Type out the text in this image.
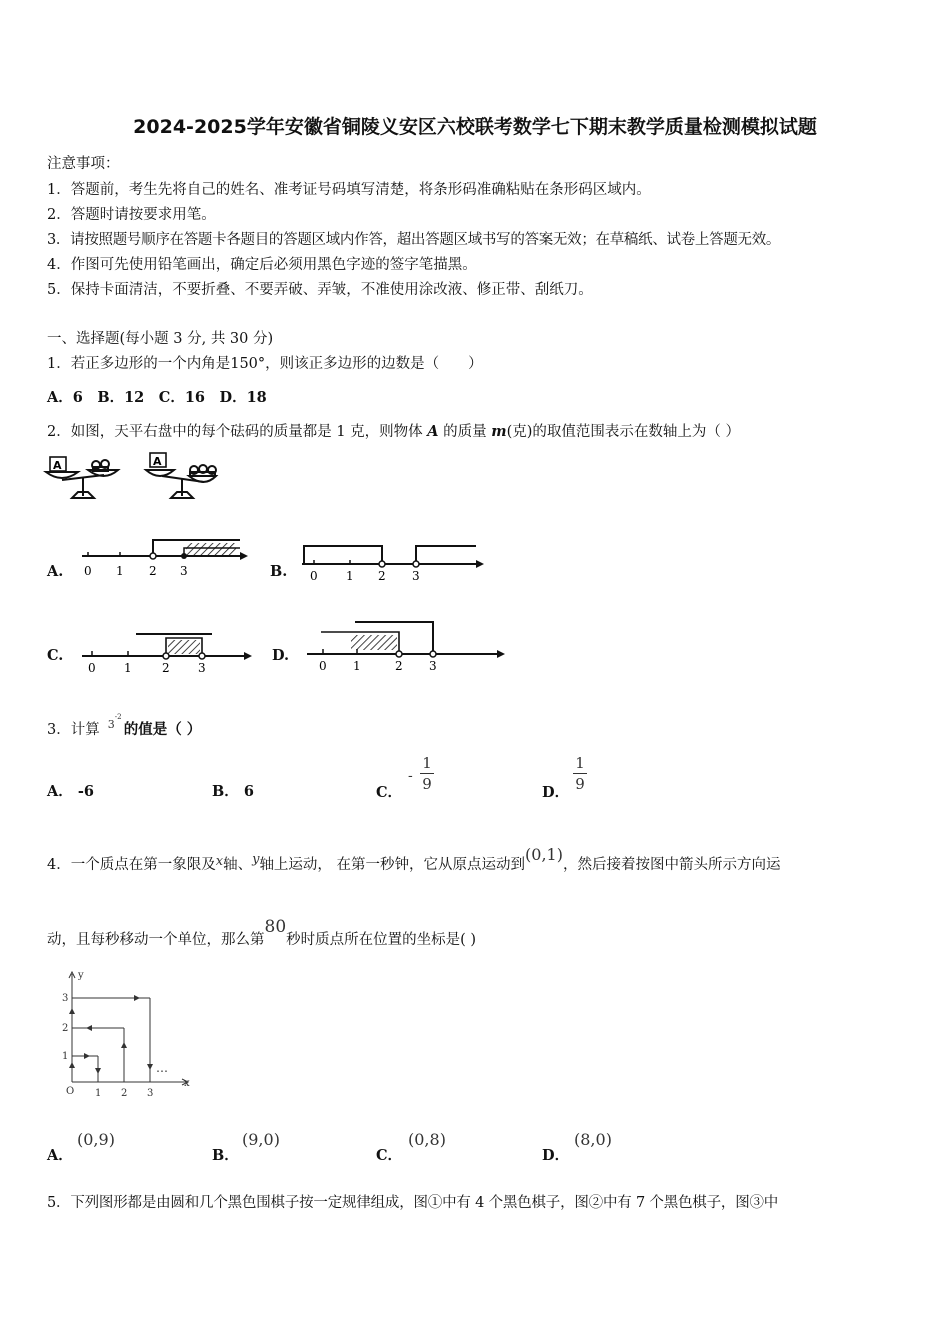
2024-2025学年安徽省铜陵义安区六校联考数学七下期末教学质量检测模拟试题
注意事项：
1．答题前，考生先将自己的姓名、准考证号码填写清楚，将条形码准确粘贴在条形码区域内。
2．答题时请按要求用笔。
3．请按照题号顺序在答题卡各题目的答题区域内作答，超出答题区域书写的答案无效；在草稿纸、试卷上答题无效。
4．作图可先使用铅笔画出，确定后必须用黑色字迹的签字笔描黑。
5．保持卡面清洁，不要折叠、不要弄破、弄皱，不准使用涂改液、修正带、刮纸刀。
一、选择题(每小题 3 分, 共 30 分)
1．若正多边形的一个内角是150°，则该正多边形的边数是（　　）
A．6　B．12　C．16　D．18
2．如图，天平右盘中的每个砝码的质量都是 1 克，则物体 A 的质量 m(克)的取值范围表示在数轴上为（ ）
A	A
A. 0 1 2 3	B. 0 1 2 3
C.
0 1	2 3
D.
0 1	2 3
3．计算 3
-2
的值是（ ）
A． -6	B． 6	C．
-
1
9	D．
1
9
4．一个质点在第一象限及x轴、y轴上运动， 在第一秒钟，它从原点运动到(0,1)，然后接着按图中箭头所示方向运
动，且每秒移动一个单位，那么第80秒时质点所在位置的坐标是( )
y
x
O 1 2 3
1
2
3
…
A．
(0,9)
B．
(9,0)
C．
(0,8)
D．
(8,0)
5．下列图形都是由圆和几个黑色围棋子按一定规律组成，图①中有 4 个黑色棋子，图②中有 7 个黑色棋子，图③中
